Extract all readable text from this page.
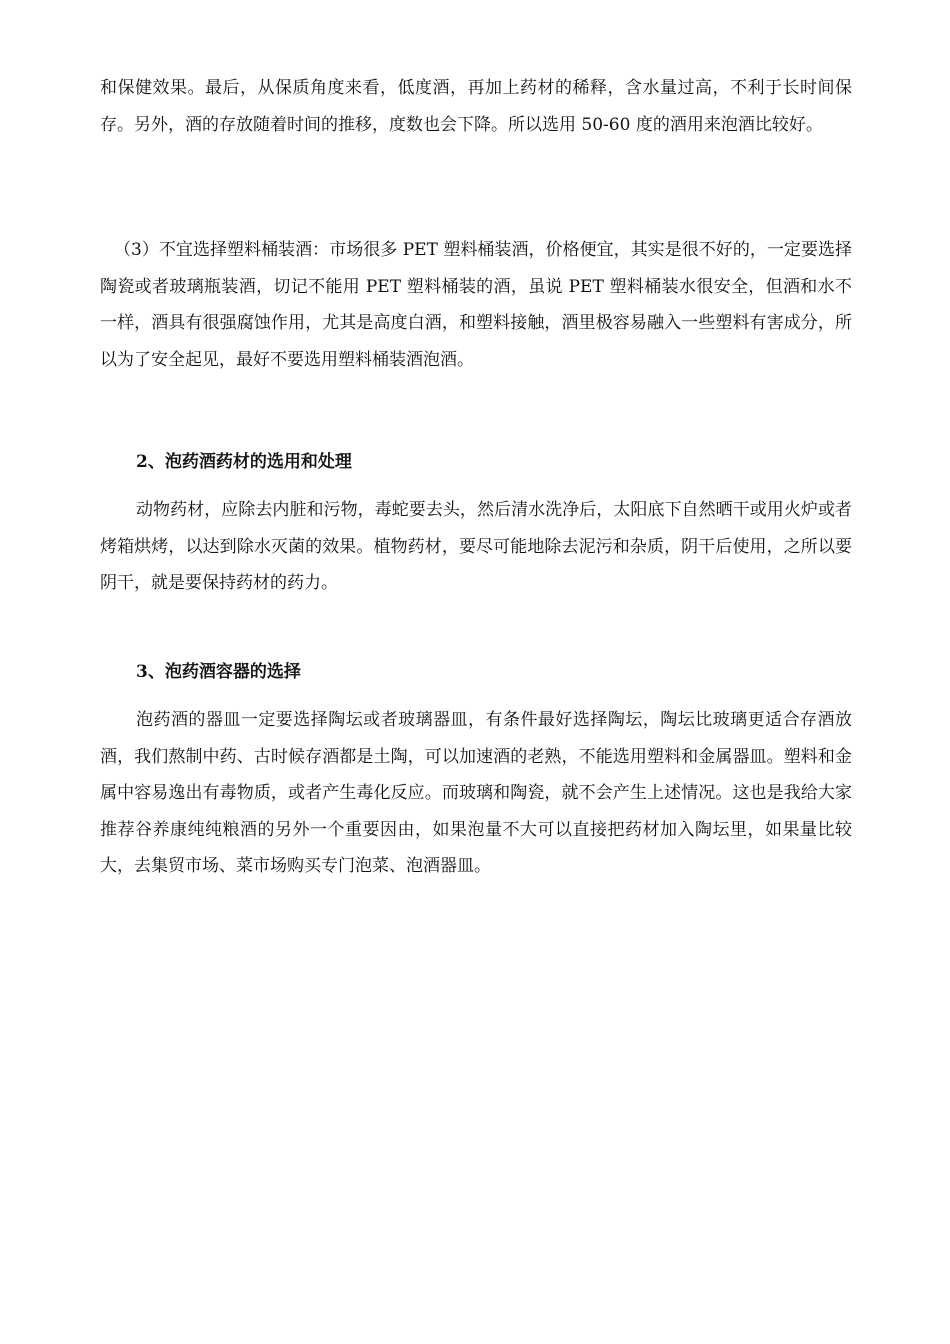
和保健效果。最后，从保质角度来看，低度酒，再加上药材的稀释，含水量过高，不利于长时间保存。另外，酒的存放随着时间的推移，度数也会下降。所以选用 50-60 度的酒用来泡酒比较好。

（3）不宜选择塑料桶装酒：市场很多 PET 塑料桶装酒，价格便宜，其实是很不好的，一定要选择陶瓷或者玻璃瓶装酒，切记不能用 PET 塑料桶装的酒，虽说 PET 塑料桶装水很安全，但酒和水不一样，酒具有很强腐蚀作用，尤其是高度白酒，和塑料接触，酒里极容易融入一些塑料有害成分，所以为了安全起见，最好不要选用塑料桶装酒泡酒。

2、泡药酒药材的选用和处理

动物药材，应除去内脏和污物，毒蛇要去头，然后清水洗净后，太阳底下自然晒干或用火炉或者烤箱烘烤，以达到除水灭菌的效果。植物药材，要尽可能地除去泥污和杂质，阴干后使用，之所以要阴干，就是要保持药材的药力。

3、泡药酒容器的选择

泡药酒的器皿一定要选择陶坛或者玻璃器皿，有条件最好选择陶坛，陶坛比玻璃更适合存酒放酒，我们熬制中药、古时候存酒都是土陶，可以加速酒的老熟，不能选用塑料和金属器皿。塑料和金属中容易逸出有毒物质，或者产生毒化反应。而玻璃和陶瓷，就不会产生上述情况。这也是我给大家推荐谷养康纯纯粮酒的另外一个重要因由，如果泡量不大可以直接把药材加入陶坛里，如果量比较大，去集贸市场、菜市场购买专门泡菜、泡酒器皿。
